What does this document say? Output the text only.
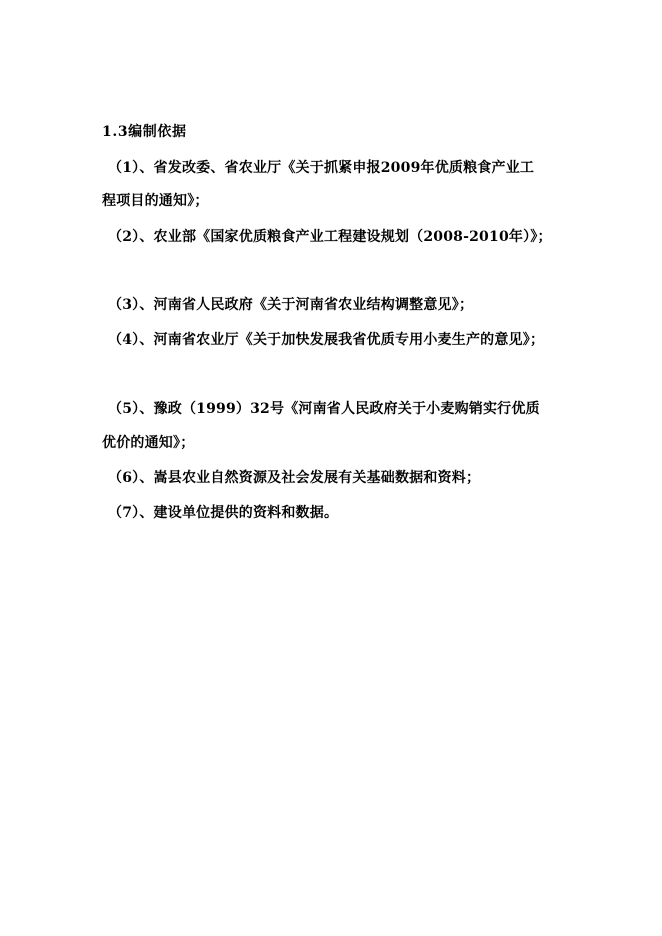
1.3编制依据
（1）、省发改委、省农业厅《关于抓紧申报2009年优质粮食产业工
程项目的通知》；
（2）、农业部《国家优质粮食产业工程建设规划（2008-2010年）》；
（3）、河南省人民政府《关于河南省农业结构调整意见》；
（4）、河南省农业厅《关于加快发展我省优质专用小麦生产的意见》；
（5）、豫政（1999）32号《河南省人民政府关于小麦购销实行优质
优价的通知》；
（6）、嵩县农业自然资源及社会发展有关基础数据和资料；
（7）、建设单位提供的资料和数据。
